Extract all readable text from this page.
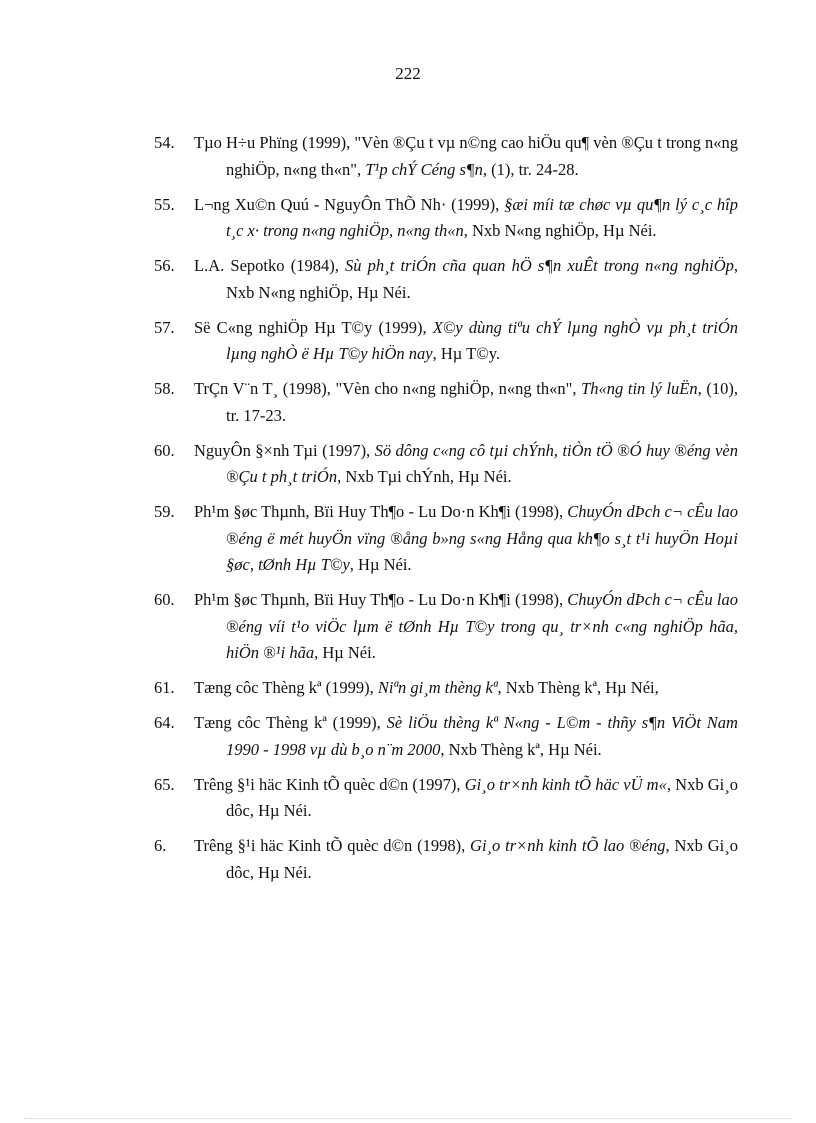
222
54.	Tµo H÷u Phïng (1999), "Vèn ®Çu t vµ n©ng cao hiÖu qu¶ vèn ®Çu t trong n«ng nghiÖp, n«ng th«n", T¹p chÝ Céng s¶n, (1), tr. 24-28.
55.	L¬ng Xu©n Quú - NguyÔn ThÕ Nh· (1999), §æi míi tæ chøc vµ qu¶n lý c¸c hîp t¸c x· trong n«ng nghiÖp, n«ng th«n, Nxb N«ng nghiÖp, Hµ Néi.
56.	L.A. Sepotko (1984), Sù ph¸t triÓn cña quan hÖ s¶n xuÊt trong n«ng nghiÖp, Nxb N«ng nghiÖp, Hµ Néi.
57.	Së C«ng nghiÖp Hµ T©y (1999), X©y dùng tiªu chÝ lµng nghÒ vµ ph¸t triÓn lµng nghÒ ë Hµ T©y hiÖn nay, Hµ T©y.
58.	TrÇn V¨n T¸ (1998), "Vèn cho n«ng nghiÖp, n«ng th«n", Th«ng tin lý luËn, (10), tr. 17-23.
60.	NguyÔn §×nh Tµi (1997), Sö dông c«ng cô tµi chÝnh, tiÒn tÖ ®Ó huy ®éng vèn ®Çu t ph¸t triÓn, Nxb Tµi chÝnh, Hµ Néi.
59.	Ph¹m §øc Thµnh, Bïi Huy Th¶o - Lu Do·n Kh¶i (1998), ChuyÓn dÞch c¬ cÊu lao ®éng ë mét huyÖn vïng ®ång b»ng s«ng Hång qua kh¶o s¸t t¹i huyÖn Hoµi §øc, tØnh Hµ T©y, Hµ Néi.
60.	Ph¹m §øc Thµnh, Bïi Huy Th¶o - Lu Do·n Kh¶i (1998), ChuyÓn dÞch c¬ cÊu lao ®éng víi t¹o viÖc lµm ë tØnh Hµ T©y trong qu¸ tr×nh c«ng nghiÖp hãa, hiÖn ®¹i hãa, Hµ Néi.
61.	Tæng côc Thèng kª (1999), Niªn gi¸m thèng kª, Nxb Thèng kª, Hµ Néi,
64.	Tæng côc Thèng kª (1999), Sè liÖu thèng kª N«ng - L©m - thñy s¶n ViÖt Nam 1990 - 1998 vµ dù b¸o n¨m 2000, Nxb Thèng kª, Hµ Néi.
65.	Trêng §¹i häc Kinh tÕ quèc d©n (1997), Gi¸o tr×nh kinh tÕ häc vÜ m«, Nxb Gi¸o dôc, Hµ Néi.
6.	Trêng §¹i häc Kinh tÕ quèc d©n (1998), Gi¸o tr×nh kinh tÕ lao ®éng, Nxb Gi¸o dôc, Hµ Néi.
